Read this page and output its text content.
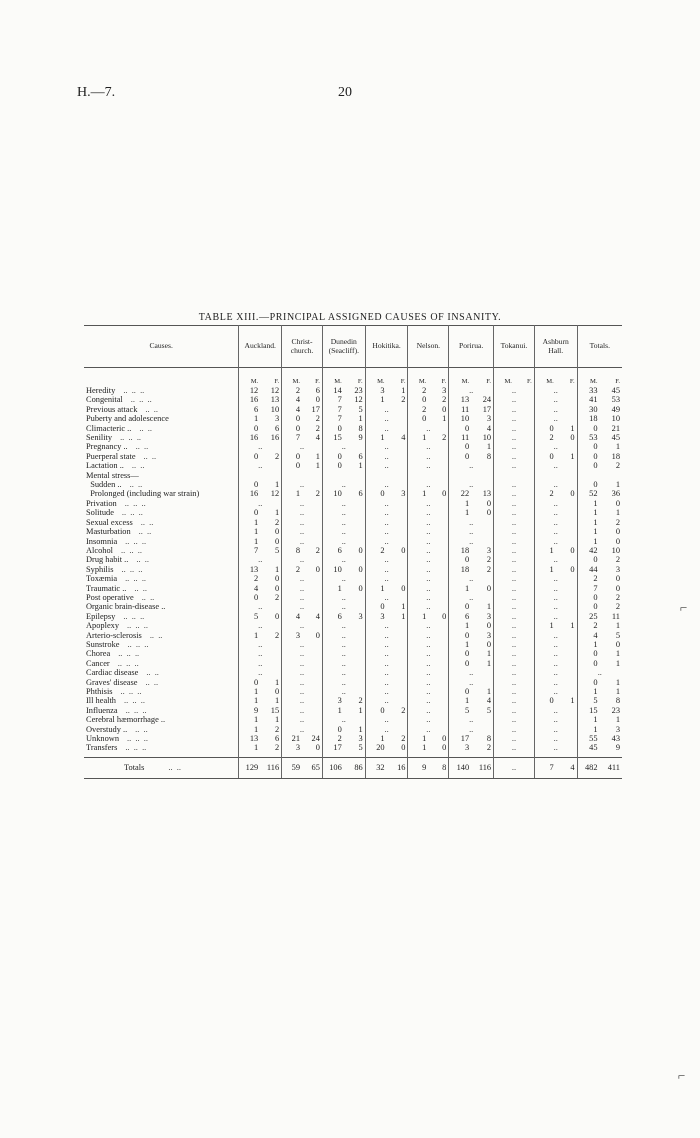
H.—7.	20
TABLE XIII.—PRINCIPAL ASSIGNED CAUSES OF INSANITY.
Causes.	Auckland.		Christ-church.		Dunedin (Seacliff).		Hokitika.		Nelson.		Porirua.		Tokanui.		Ashburn Hall.		Totals.	
	M.	F.	M.	F.	M.	F.	M.	F.	M.	F.	M.	F.	M.	F.	M.	F.	M.	F.
Heredity ..  ..  ..	12	12	2	6	14	23	3	1	2	3	..		..		..		33	45
Congenital ..  ..  ..	16	13	4	0	7	12	1	2	0	2	13	24	..		..		41	53
Previous attack ..  ..	6	10	4	17	7	5	..		2	0	11	17	..		..		30	49
Puberty and adolescence	1	3	0	2	7	1	..		0	1	10	3	..		..		18	10
Climacteric .. ..  ..	0	6	0	2	0	8	..		..		0	4	..		0	1	0	21
Senility ..  ..  ..	16	16	7	4	15	9	1	4	1	2	11	10	..		2	0	53	45
Pregnancy .. ..  ..	..		..		..		..		..		0	1	..		..		0	1
Puerperal state ..  ..	0	2	0	1	0	6	..		..		0	8	..		0	1	0	18
Lactation .. ..  ..	..		0	1	0	1	..		..		..		..		..		0	2
Mental stress—																		
Sudden .. ..  ..	0	1	..		..		..		..		..		..		..		0	1
Prolonged (including war strain)	16	12	1	2	10	6	0	3	1	0	22	13	..		2	0	52	36
Privation ..  ..  ..	..		..		..		..		..		1	0	..		..		1	0
Solitude ..  ..  ..	0	1	..		..		..		..		1	0	..		..		1	1
Sexual excess ..  ..	1	2	..		..		..		..		..		..		..		1	2
Masturbation ..  ..	1	0	..		..		..		..		..		..		..		1	0
Insomnia ..  ..  ..	1	0	..		..		..		..		..		..		..		1	0
Alcohol ..  ..  ..	7	5	8	2	6	0	2	0	..		18	3	..		1	0	42	10
Drug habit .. ..  ..	..		..		..		..		..		0	2	..		..		0	2
Syphilis ..  ..  ..	13	1	2	0	10	0	..		..		18	2	..		1	0	44	3
Toxæmia ..  ..  ..	2	0	..		..		..		..		..		..		..		2	0
Traumatic .. ..  ..	4	0	..		1	0	1	0	..		1	0	..		..		7	0
Post operative ..  ..	0	2	..		..		..		..		..		..		..		0	2
Organic brain-disease ..	..		..		..		0	1	..		0	1	..		..		0	2
Epilepsy ..  ..  ..	5	0	4	4	6	3	3	1	1	0	6	3	..		..		25	11
Apoplexy ..  ..  ..	..		..		..		..		..		1	0	..		1	1	2	1
Arterio-sclerosis ..  ..	1	2	3	0	..		..		..		0	3	..		..		4	5
Sunstroke ..  ..  ..	..		..		..		..		..		1	0	..		..		1	0
Chorea ..  ..  ..	..		..		..		..		..		0	1	..		..		0	1
Cancer ..  ..  ..	..		..		..		..		..		0	1	..		..		0	1
Cardiac disease ..  ..	..		..		..		..		..		..		..		..		..	
Graves' disease ..  ..	0	1	..		..		..		..		..		..		..		0	1
Phthisis ..  ..  ..	1	0	..		..		..		..		0	1	..		..		1	1
Ill health ..  ..  ..	1	1	..		3	2	..		..		1	4	..		0	1	5	8
Influenza ..  ..  ..	9	15	..		1	1	0	2	..		5	5	..		..		15	23
Cerebral hæmorrhage ..	1	1	..		..		..		..		..		..		..		1	1
Overstudy .. ..  ..	1	2	..		0	1	..		..		..		..		..		1	3
Unknown ..  ..  ..	13	6	21	24	2	3	1	2	1	0	17	8	..		..		55	43
Transfers ..  ..  ..	1	2	3	0	17	5	20	0	1	0	3	2	..		..		45	9

Totals ..  ..	129	116	59	65	106	86	32	16	9	8	140	116	..		7	4	482	411
⌐
⌐
